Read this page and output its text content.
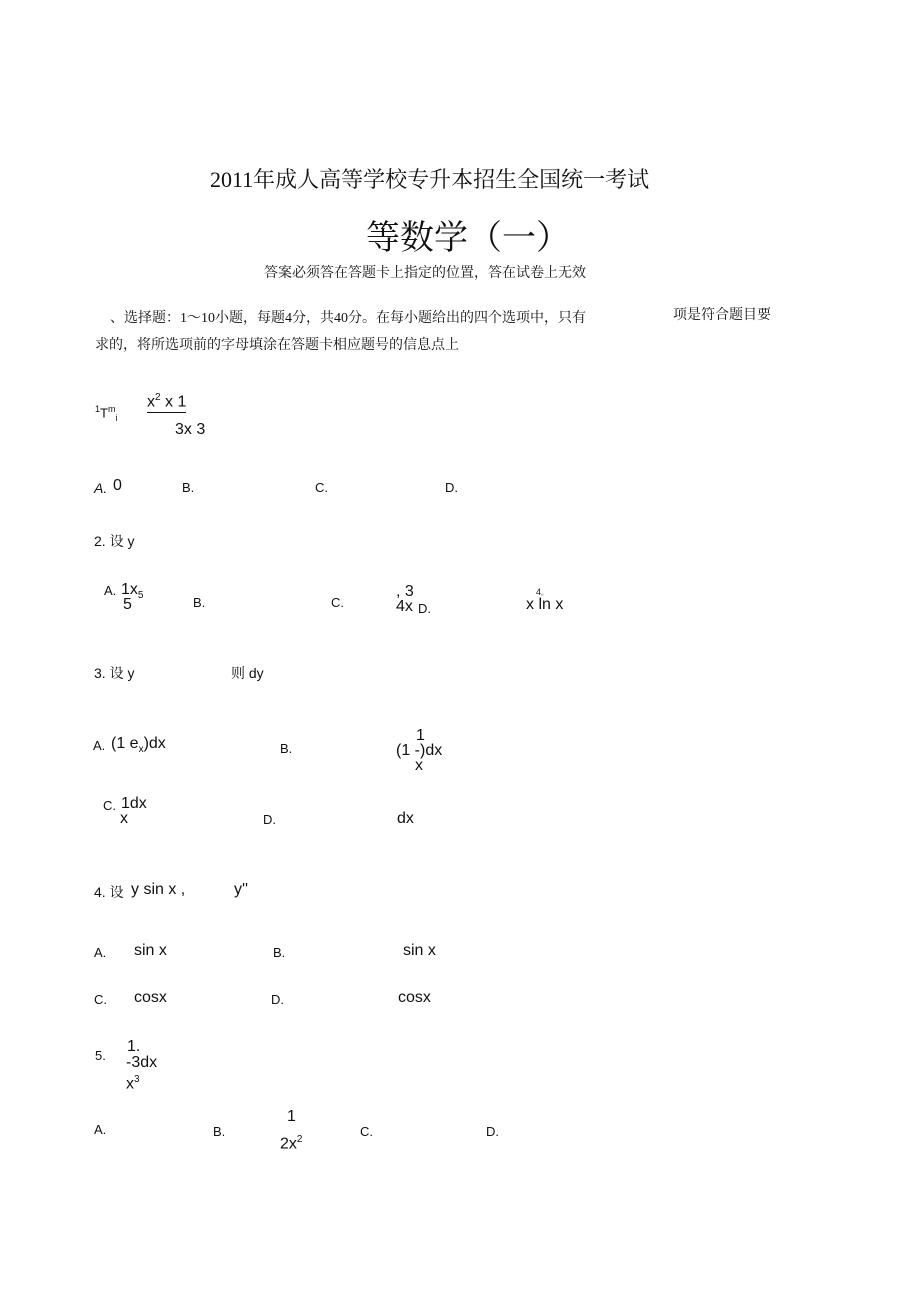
2011年成人高等学校专升本招生全国统一考试
等数学（一）
答案必须答在答题卡上指定的位置，答在试卷上无效
、选择题：1〜10小题，每题4分，共40分。在每小题给出的四个选项中，只有	项是符合题目要
求的，将所选项前的字母填涂在答题卡相应题号的信息点上
$^1T^m_i$
$x^2$ x 1
3x 3
A. 0	B.	C.	D.
2. 设 y
A. $1x_5$
5	B.	C.
, 3
4x D.
4。
x ln x
3. 设 y	则 dy
A. (1 $e_x)dx$	B.
1
(1 -)dx
x
C. 1dx
x	D.	dx
4. 设 y sin x ,	y''
A. sin x	B.	sin x
C. cosx	D.	cosx
5.
1.
-3dx
$x^3$
A.	B.
1
$2x^2$
C.	D.
